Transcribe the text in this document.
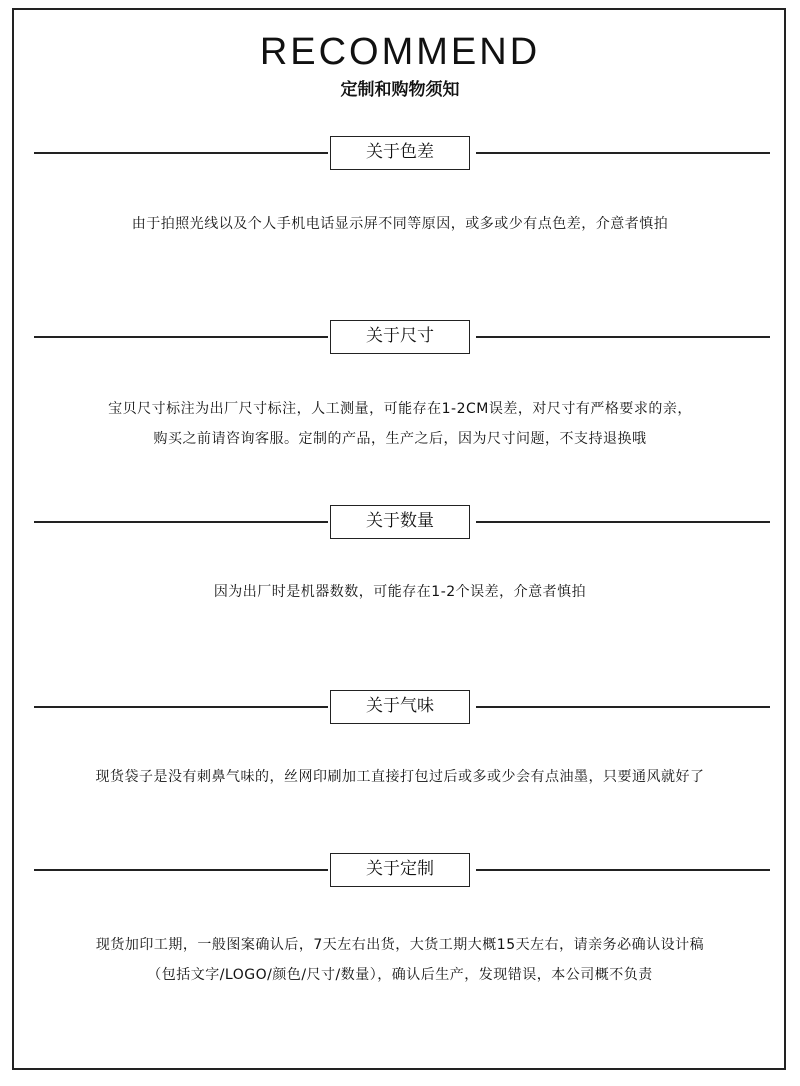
RECOMMEND
定制和购物须知
关于色差

由于拍照光线以及个人手机电话显示屏不同等原因，或多或少有点色差，介意者慎拍

关于尺寸

宝贝尺寸标注为出厂尺寸标注，人工测量，可能存在1-2CM误差，对尺寸有严格要求的亲，

购买之前请咨询客服。定制的产品，生产之后，因为尺寸问题，不支持退换哦

关于数量

因为出厂时是机器数数，可能存在1-2个误差，介意者慎拍

关于气味

现货袋子是没有刺鼻气味的，丝网印刷加工直接打包过后或多或少会有点油墨，只要通风就好了

关于定制

现货加印工期，一般图案确认后，7天左右出货，大货工期大概15天左右，请亲务必确认设计稿

（包括文字/LOGO/颜色/尺寸/数量），确认后生产，发现错误，本公司概不负责
